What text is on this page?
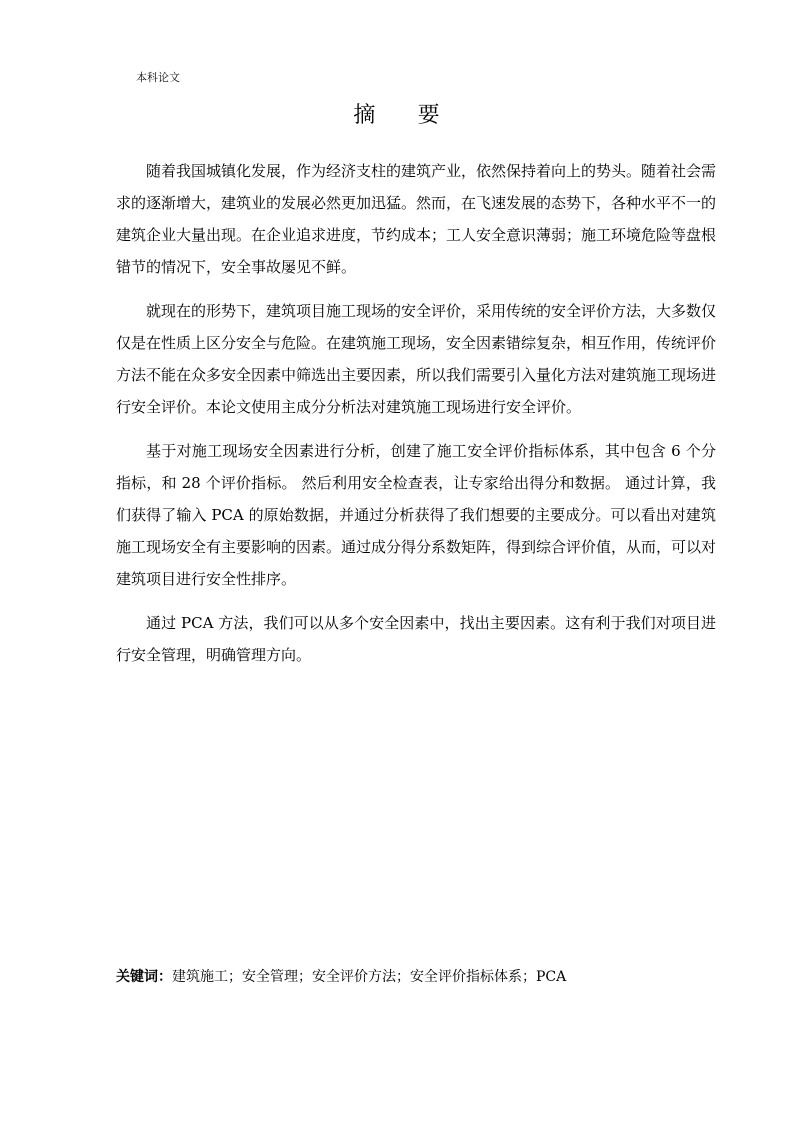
本科论文
摘 要

随着我国城镇化发展，作为经济支柱的建筑产业，依然保持着向上的势头。随着社会需求的逐渐增大，建筑业的发展必然更加迅猛。然而，在飞速发展的态势下，各种水平不一的建筑企业大量出现。在企业追求进度，节约成本；工人安全意识薄弱；施工环境危险等盘根错节的情况下，安全事故屡见不鲜。

就现在的形势下，建筑项目施工现场的安全评价，采用传统的安全评价方法，大多数仅仅是在性质上区分安全与危险。在建筑施工现场，安全因素错综复杂，相互作用，传统评价方法不能在众多安全因素中筛选出主要因素，所以我们需要引入量化方法对建筑施工现场进行安全评价。本论文使用主成分分析法对建筑施工现场进行安全评价。

基于对施工现场安全因素进行分析，创建了施工安全评价指标体系，其中包含 6 个分指标，和 28 个评价指标。 然后利用安全检查表，让专家给出得分和数据。 通过计算，我们获得了输入 PCA 的原始数据，并通过分析获得了我们想要的主要成分。可以看出对建筑施工现场安全有主要影响的因素。通过成分得分系数矩阵，得到综合评价值，从而，可以对建筑项目进行安全性排序。

通过 PCA 方法，我们可以从多个安全因素中，找出主要因素。这有利于我们对项目进行安全管理，明确管理方向。

关键词：建筑施工；安全管理；安全评价方法；安全评价指标体系；PCA
